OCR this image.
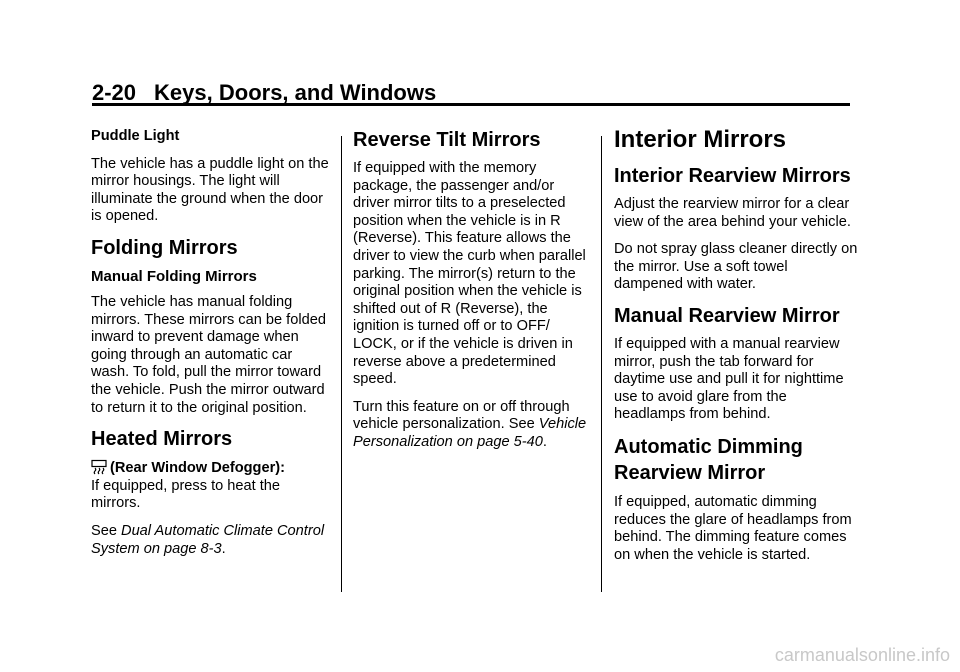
2-20 Keys, Doors, and Windows

Puddle Light

The vehicle has a puddle light on the mirror housings. The light will illuminate the ground when the door is opened.

Folding Mirrors
Manual Folding Mirrors

The vehicle has manual folding mirrors. These mirrors can be folded inward to prevent damage when going through an automatic car wash. To fold, pull the mirror toward the vehicle. Push the mirror outward to return it to the original position.

Heated Mirrors

(Rear Window Defogger):
If equipped, press to heat the mirrors.

See Dual Automatic Climate Control System on page 8-3.

Reverse Tilt Mirrors

If equipped with the memory package, the passenger and/or driver mirror tilts to a preselected position when the vehicle is in R (Reverse). This feature allows the driver to view the curb when parallel parking. The mirror(s) return to the original position when the vehicle is shifted out of R (Reverse), the ignition is turned off or to OFF/ LOCK, or if the vehicle is driven in reverse above a predetermined speed.

Turn this feature on or off through vehicle personalization. See Vehicle Personalization on page 5-40.

Interior Mirrors
Interior Rearview Mirrors

Adjust the rearview mirror for a clear view of the area behind your vehicle.

Do not spray glass cleaner directly on the mirror. Use a soft towel dampened with water.

Manual Rearview Mirror

If equipped with a manual rearview mirror, push the tab forward for daytime use and pull it for nighttime use to avoid glare from the headlamps from behind.

Automatic Dimming Rearview Mirror

If equipped, automatic dimming reduces the glare of headlamps from behind. The dimming feature comes on when the vehicle is started.

carmanualsonline.info
